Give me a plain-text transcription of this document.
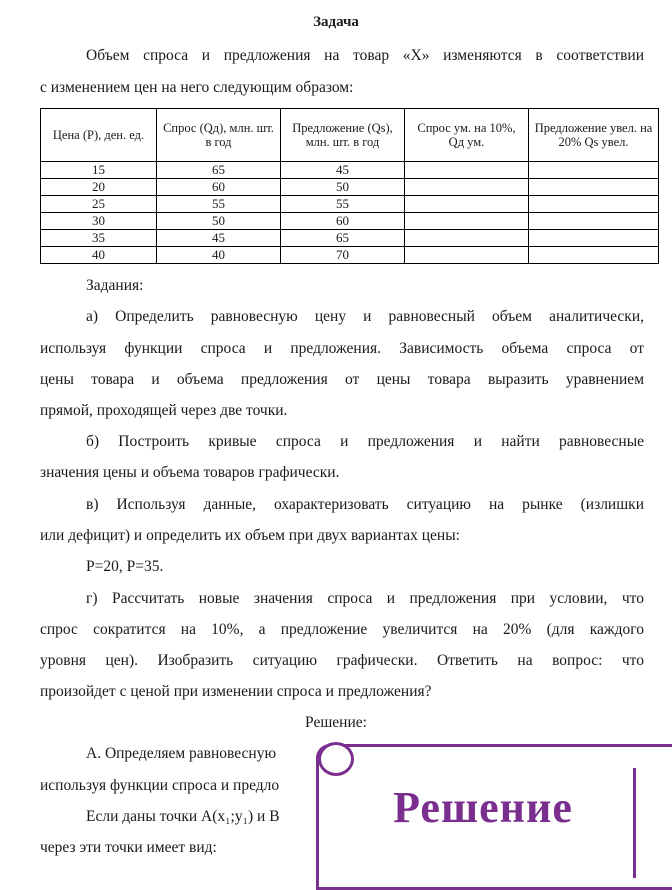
Задача
Объем спроса и предложения на товар «X» изменяются в соответствии
с изменением цен на него следующим образом:
Цена (Р), ден. ед.	Спрос (Qд), млн. шт. в год	Предложение (Qs), млн. шт. в год	Спрос ум. на 10%, Qд ум.	Предложение увел. на 20% Qs увел.
15	65	45		
20	60	50		
25	55	55		
30	50	60		
35	45	65		
40	40	70		
Задания:
а) Определить равновесную цену и равновесный объем аналитически,
используя функции спроса и предложения. Зависимость объема спроса от
цены товара и объема предложения от цены товара выразить уравнением
прямой, проходящей через две точки.
б) Построить кривые спроса и предложения и найти равновесные
значения цены и объема товаров графически.
в) Используя данные, охарактеризовать ситуацию на рынке (излишки
или дефицит) и определить их объем при двух вариантах цены:
Р=20, Р=35.
г) Рассчитать новые значения спроса и предложения при условии, что
спрос сократится на 10%, а предложение увеличится на 20% (для каждого
уровня цен). Изобразить ситуацию графически. Ответить на вопрос: что
произойдет с ценой при изменении спроса и предложения?
Решение:
А. Определяем равновесную
используя функции спроса и предло
Если даны точки A(x₁;y₁) и B
через эти точки имеет вид:
Решение
